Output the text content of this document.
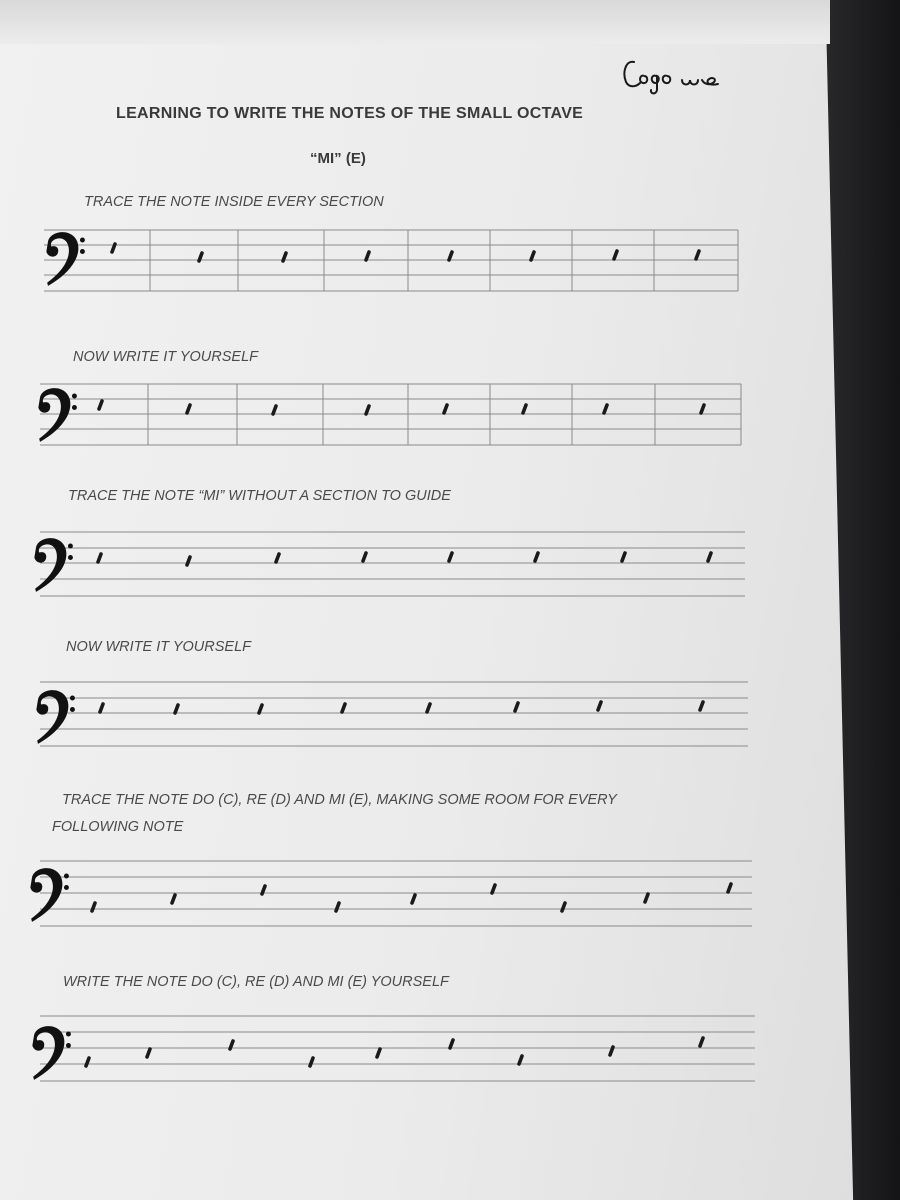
LEARNING TO WRITE THE NOTES OF THE SMALL OCTAVE
“MI” (E)
TRACE THE NOTE INSIDE EVERY SECTION
NOW WRITE IT YOURSELF
TRACE THE NOTE “MI” WITHOUT A SECTION TO GUIDE
NOW WRITE IT YOURSELF
TRACE THE NOTE DO (C), RE (D) AND MI (E), MAKING SOME ROOM FOR EVERY
FOLLOWING NOTE
WRITE THE NOTE DO (C), RE (D) AND MI (E) YOURSELF
